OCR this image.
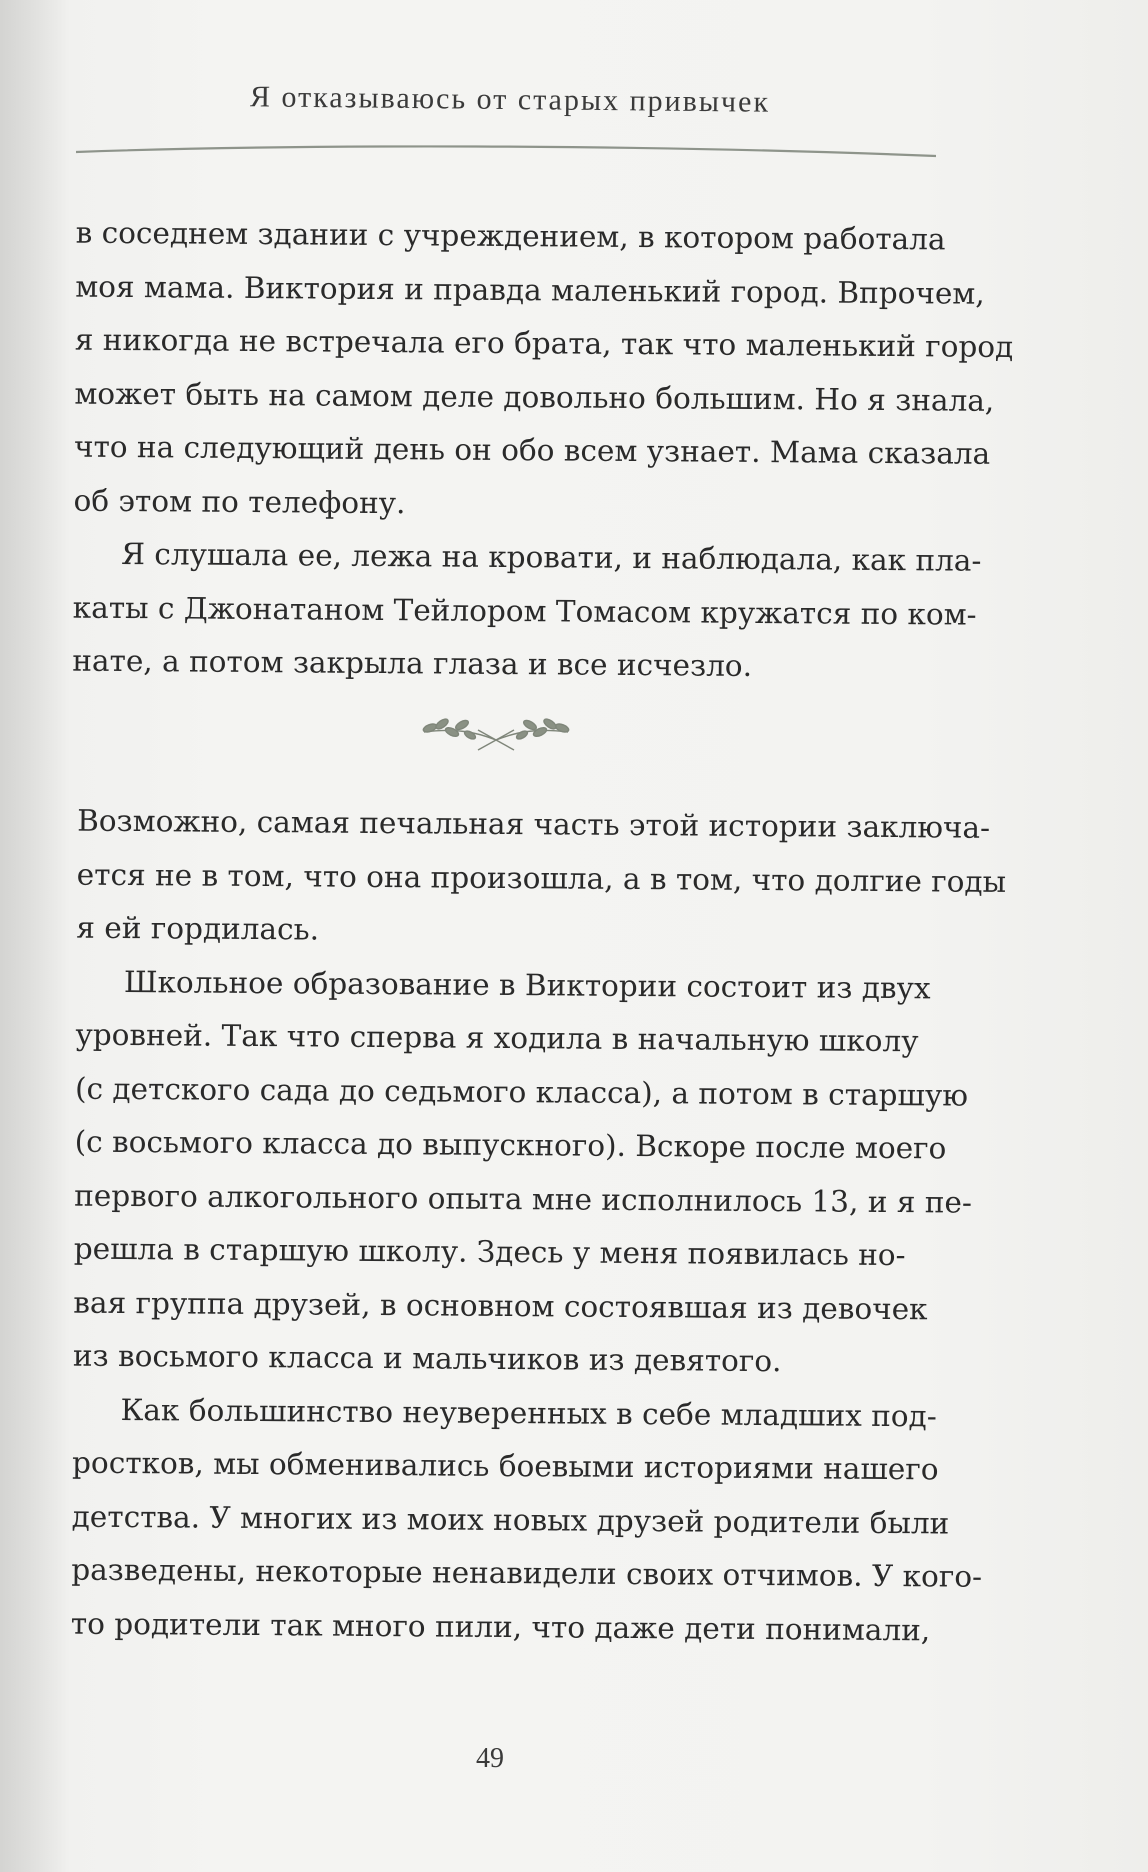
Я отказываюсь от старых привычек
в соседнем здании с учреждением, в котором работала
моя мама. Виктория и правда маленький город. Впрочем,
я никогда не встречала его брата, так что маленький город
может быть на самом деле довольно большим. Но я знала,
что на следующий день он обо всем узнает. Мама сказала
об этом по телефону.
Я слушала ее, лежа на кровати, и наблюдала, как пла-
каты с Джонатаном Тейлором Томасом кружатся по ком-
нате, а потом закрыла глаза и все исчезло.
Возможно, самая печальная часть этой истории заключа-
ется не в том, что она произошла, а в том, что долгие годы
я ей гордилась.
Школьное образование в Виктории состоит из двух
уровней. Так что сперва я ходила в начальную школу
(с детского сада до седьмого класса), а потом в старшую
(с восьмого класса до выпускного). Вскоре после моего
первого алкогольного опыта мне исполнилось 13, и я пе-
решла в старшую школу. Здесь у меня появилась но-
вая группа друзей, в основном состоявшая из девочек
из восьмого класса и мальчиков из девятого.
Как большинство неуверенных в себе младших под-
ростков, мы обменивались боевыми историями нашего
детства. У многих из моих новых друзей родители были
разведены, некоторые ненавидели своих отчимов. У кого-
то родители так много пили, что даже дети понимали,
49
